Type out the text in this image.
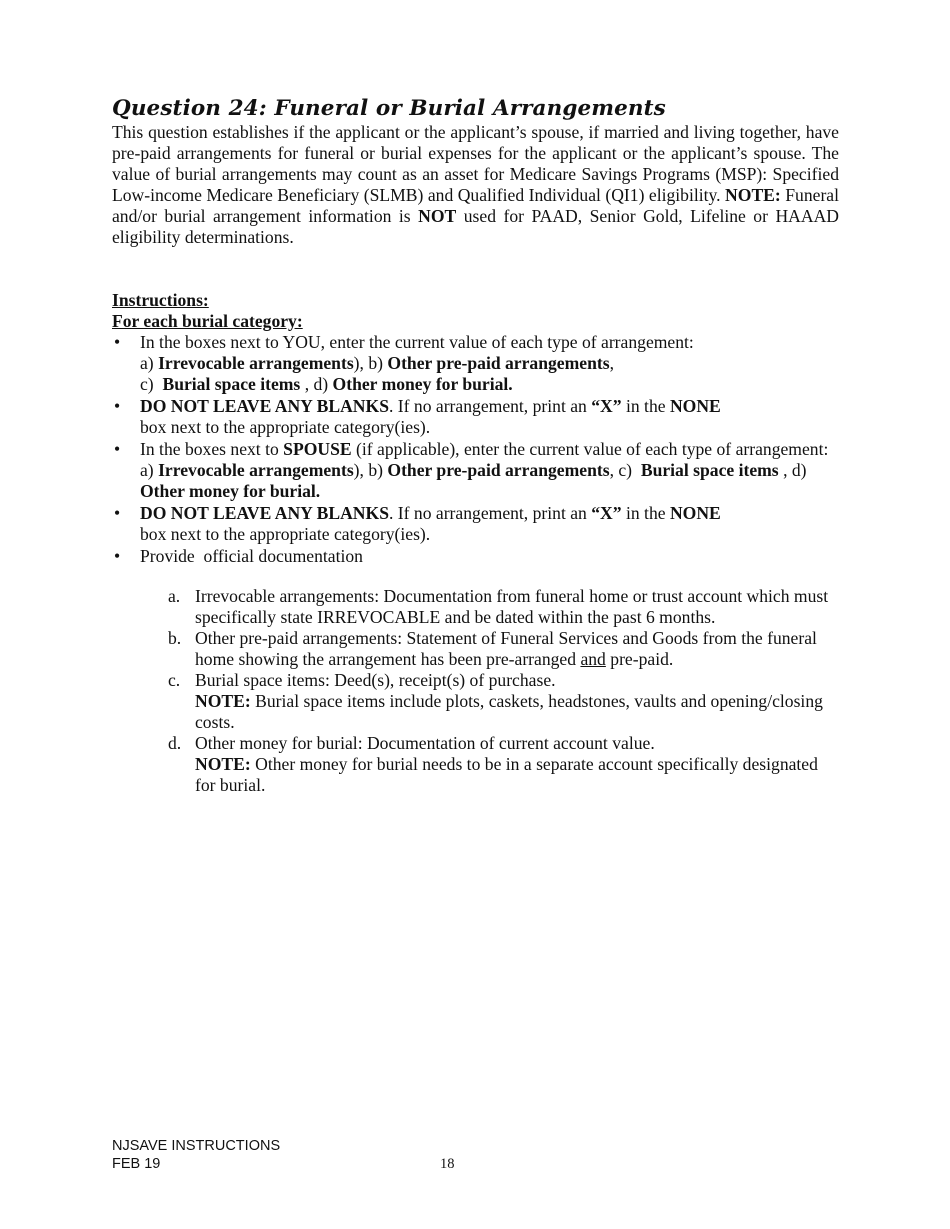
Question 24: Funeral or Burial Arrangements

This question establishes if the applicant or the applicant’s spouse, if married and living together, have pre-paid arrangements for funeral or burial expenses for the applicant or the applicant’s spouse. The value of burial arrangements may count as an asset for Medicare Savings Programs (MSP): Specified Low-income Medicare Beneficiary (SLMB) and Qualified Individual (QI1) eligibility. NOTE: Funeral and/or burial arrangement information is NOT used for PAAD, Senior Gold, Lifeline or HAAAD eligibility determinations.

Instructions:
For each burial category:
• In the boxes next to YOU, enter the current value of each type of arrangement:
a) Irrevocable arrangements), b) Other pre-paid arrangements,
c) Burial space items , d) Other money for burial.
• DO NOT LEAVE ANY BLANKS. If no arrangement, print an “X” in the NONE
box next to the appropriate category(ies).
• In the boxes next to SPOUSE (if applicable), enter the current value of each type of arrangement: a) Irrevocable arrangements), b) Other pre-paid arrangements, c) Burial space items , d) Other money for burial.
• DO NOT LEAVE ANY BLANKS. If no arrangement, print an “X” in the NONE
box next to the appropriate category(ies).
• Provide  official documentation
a. Irrevocable arrangements: Documentation from funeral home or trust account which must specifically state IRREVOCABLE and be dated within the past 6 months.
b. Other pre-paid arrangements: Statement of Funeral Services and Goods from the funeral home showing the arrangement has been pre-arranged and pre-paid.
c. Burial space items: Deed(s), receipt(s) of purchase.
NOTE: Burial space items include plots, caskets, headstones, vaults and opening/closing costs.
d. Other money for burial: Documentation of current account value.
NOTE: Other money for burial needs to be in a separate account specifically designated for burial.
NJSAVE INSTRUCTIONS
FEB 19	18
